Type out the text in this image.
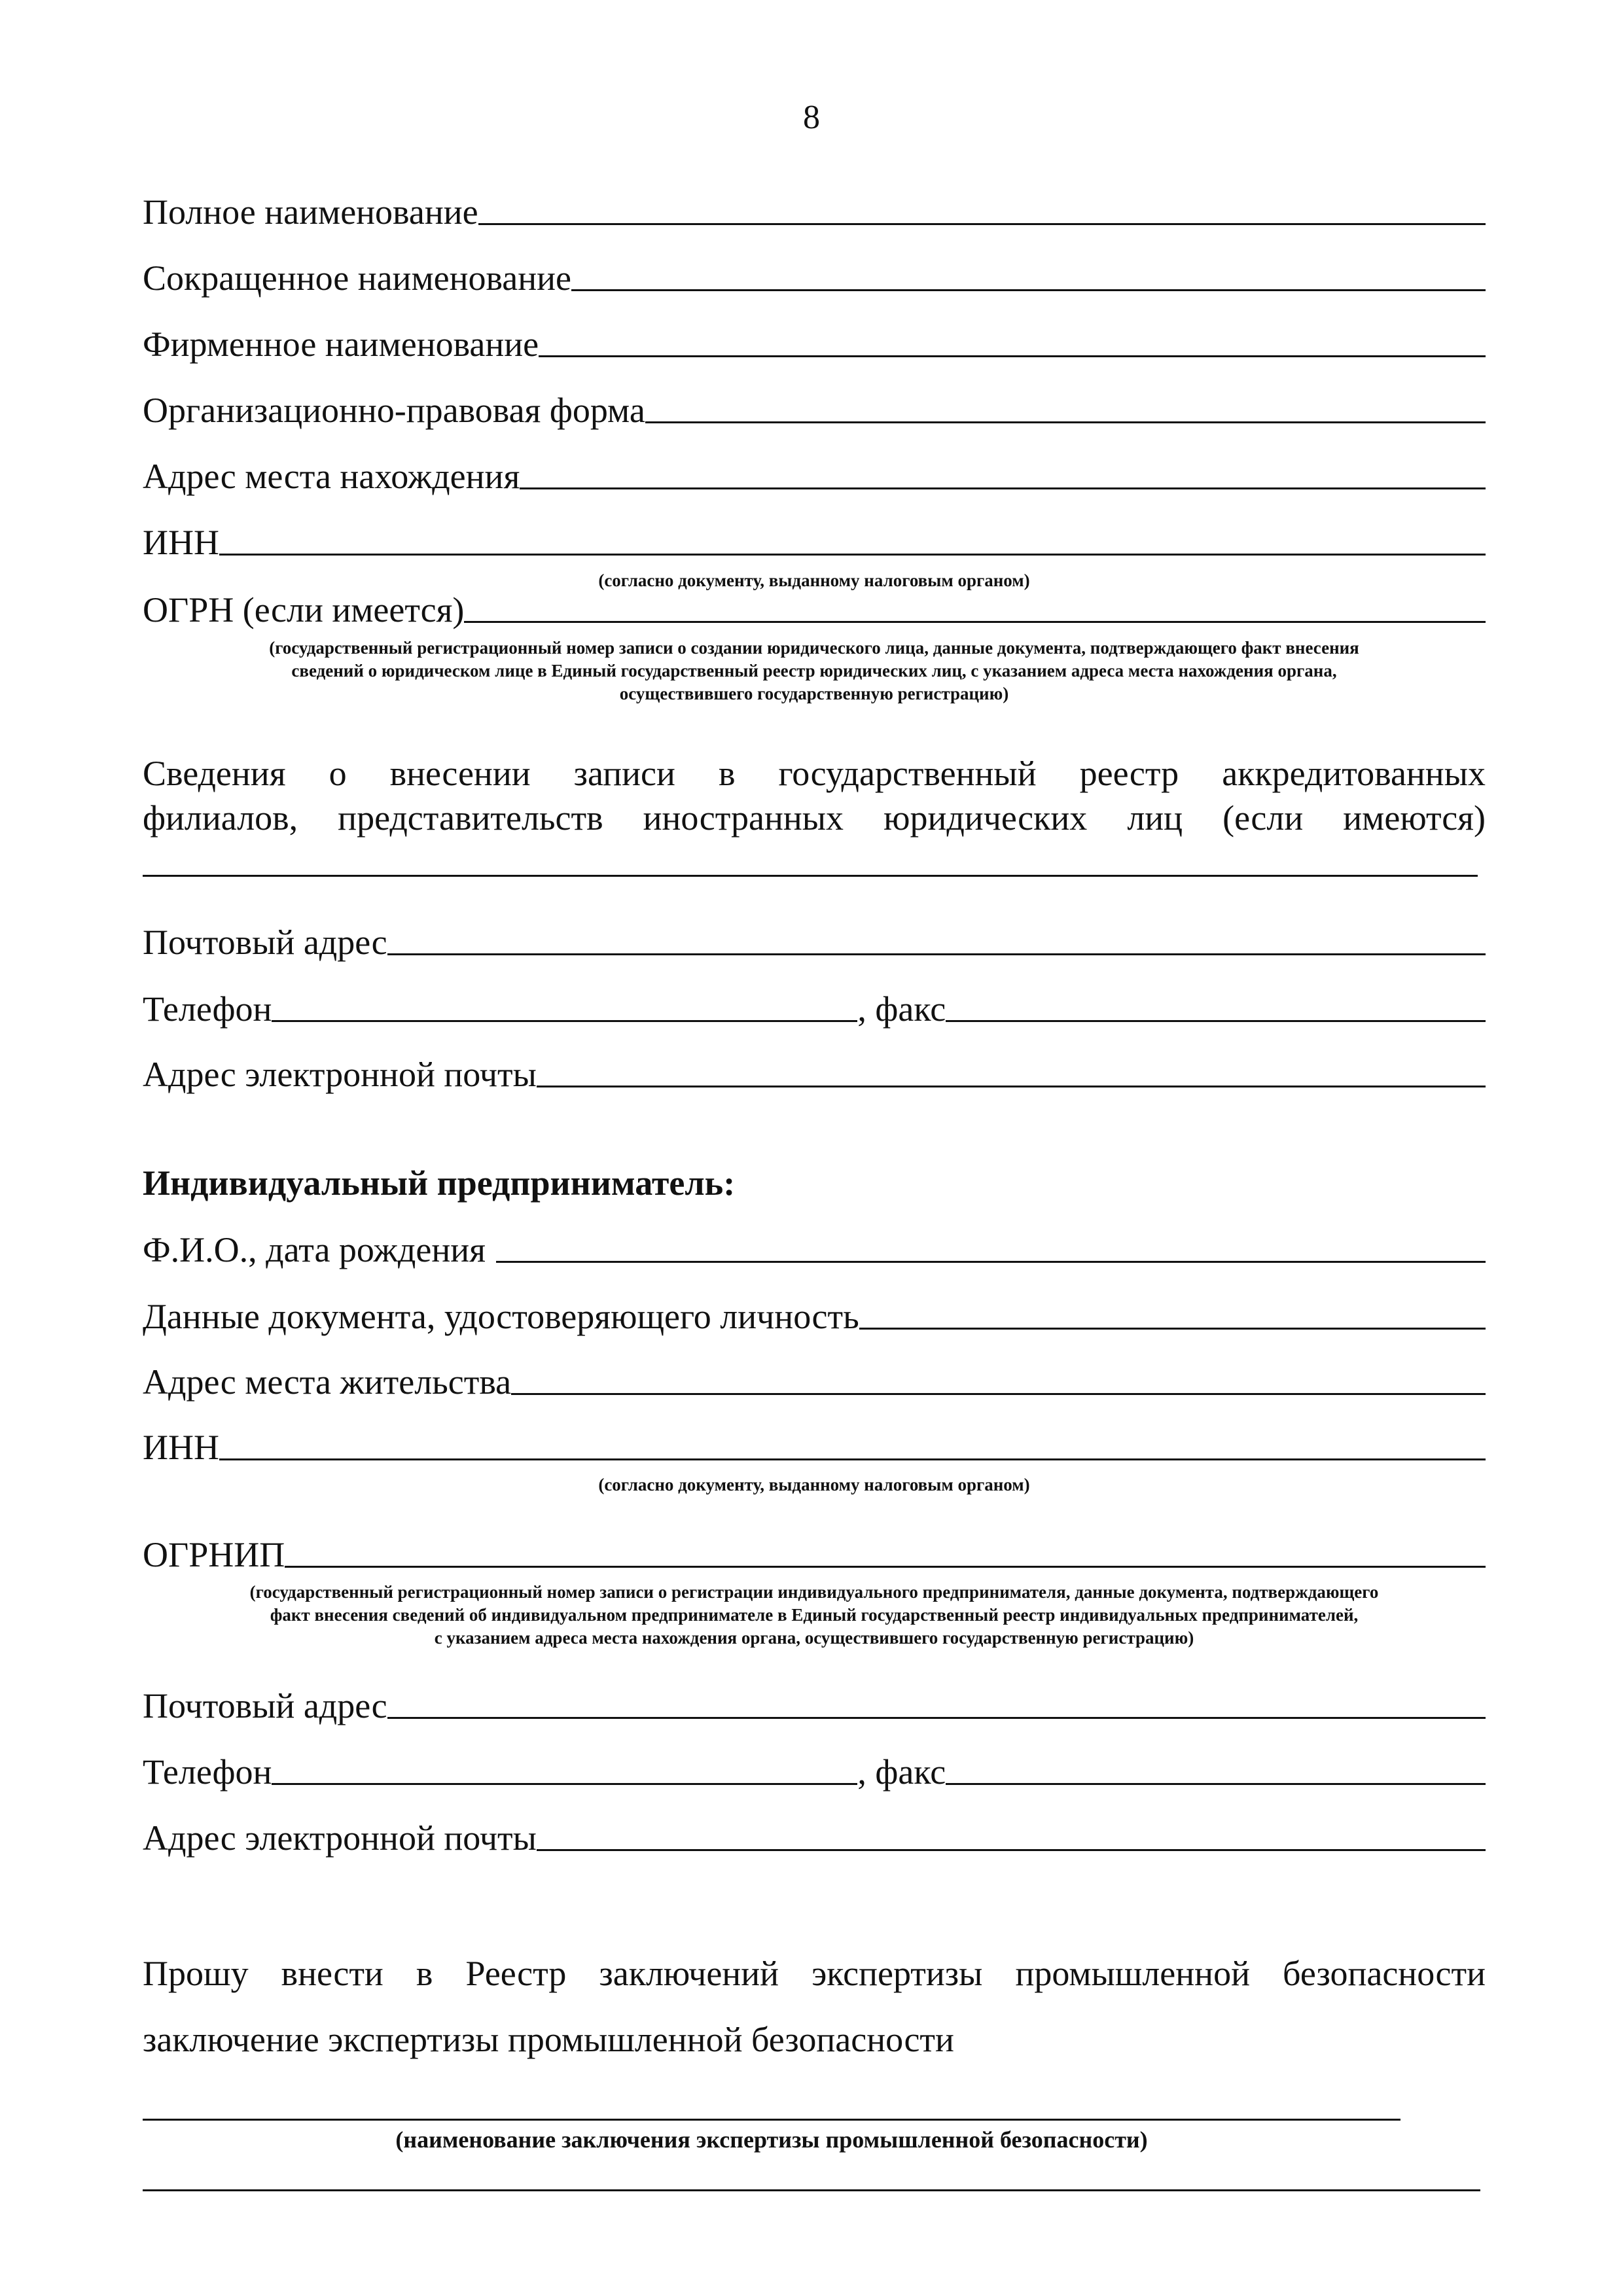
8
Полное наименование
Сокращенное наименование
Фирменное наименование
Организационно-правовая форма
Адрес места нахождения
ИНН
(согласно документу, выданному налоговым органом)
ОГРН (если имеется)
(государственный регистрационный номер записи о создании юридического лица, данные документа, подтверждающего факт внесения
сведений о юридическом лице в Единый государственный реестр юридических лиц, с указанием адреса места нахождения органа,
осуществившего государственную регистрацию)
Сведения о внесении записи в государственный реестр аккредитованных
филиалов, представительств иностранных юридических лиц (если имеются)
Почтовый адрес
Телефон	, факс
Адрес электронной почты
Индивидуальный предприниматель:
Ф.И.О., дата рождения
Данные документа, удостоверяющего личность
Адрес места жительства
ИНН
(согласно документу, выданному налоговым органом)
ОГРНИП
(государственный регистрационный номер записи о регистрации индивидуального предпринимателя, данные документа, подтверждающего
факт внесения сведений об индивидуальном предпринимателе в Единый государственный реестр индивидуальных предпринимателей,
с указанием адреса места нахождения органа, осуществившего государственную регистрацию)
Почтовый адрес
Телефон	, факс
Адрес электронной почты
Прошу внести в Реестр заключений экспертизы промышленной безопасности
заключение экспертизы промышленной безопасности
(наименование заключения экспертизы промышленной безопасности)
